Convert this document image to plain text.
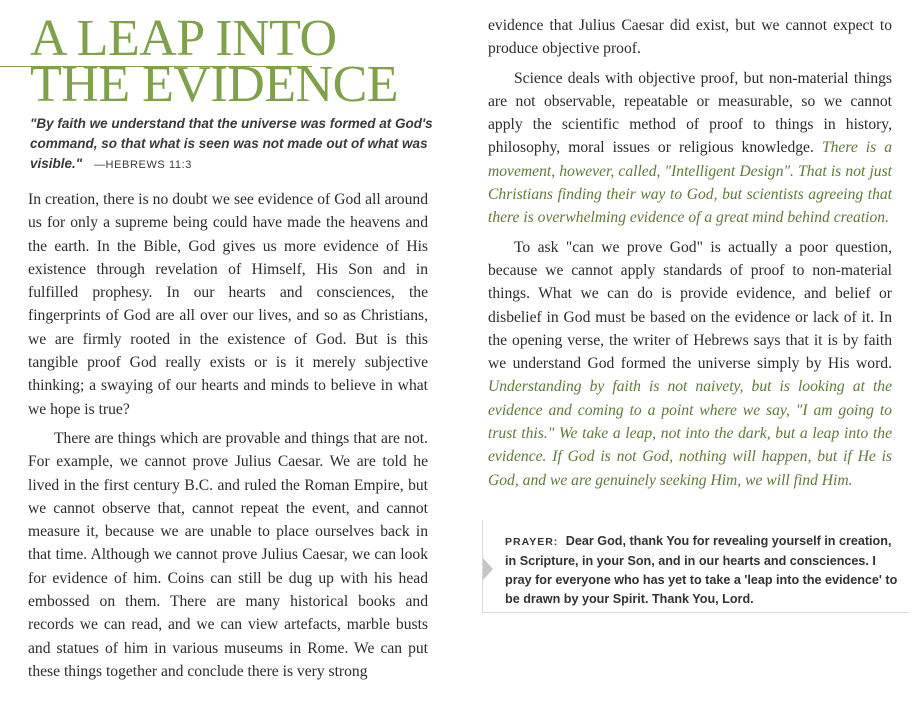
A LEAP INTO
THE EVIDENCE

"By faith we understand that the universe was formed at God's command, so that what is seen was not made out of what was visible." —HEBREWS 11:3

In creation, there is no doubt we see evidence of God all around us for only a supreme being could have made the heavens and the earth. In the Bible, God gives us more evidence of His existence through revelation of Himself, His Son and in fulfilled prophesy. In our hearts and consciences, the fingerprints of God are all over our lives, and so as Christians, we are firmly rooted in the existence of God. But is this tangible proof God really exists or is it merely subjective thinking; a swaying of our hearts and minds to believe in what we hope is true?

There are things which are provable and things that are not. For example, we cannot prove Julius Caesar. We are told he lived in the first century B.C. and ruled the Roman Empire, but we cannot observe that, cannot repeat the event, and cannot measure it, because we are unable to place ourselves back in that time. Although we cannot prove Julius Caesar, we can look for evidence of him. Coins can still be dug up with his head embossed on them. There are many historical books and records we can read, and we can view artefacts, marble busts and statues of him in various museums in Rome. We can put these things together and conclude there is very strong

evidence that Julius Caesar did exist, but we cannot expect to produce objective proof.

Science deals with objective proof, but non-material things are not observable, repeatable or measurable, so we cannot apply the scientific method of proof to things in history, philosophy, moral issues or religious knowledge. There is a movement, however, called, "Intelligent Design". That is not just Christians finding their way to God, but scientists agreeing that there is overwhelming evidence of a great mind behind creation.

To ask "can we prove God" is actually a poor question, because we cannot apply standards of proof to non-material things. What we can do is provide evidence, and belief or disbelief in God must be based on the evidence or lack of it. In the opening verse, the writer of Hebrews says that it is by faith we understand God formed the universe simply by His word. Understanding by faith is not naivety, but is looking at the evidence and coming to a point where we say, "I am going to trust this." We take a leap, not into the dark, but a leap into the evidence. If God is not God, nothing will happen, but if He is God, and we are genuinely seeking Him, we will find Him.

PRAYER: Dear God, thank You for revealing yourself in creation, in Scripture, in your Son, and in our hearts and consciences. I pray for everyone who has yet to take a 'leap into the evidence' to be drawn by your Spirit. Thank You, Lord.
